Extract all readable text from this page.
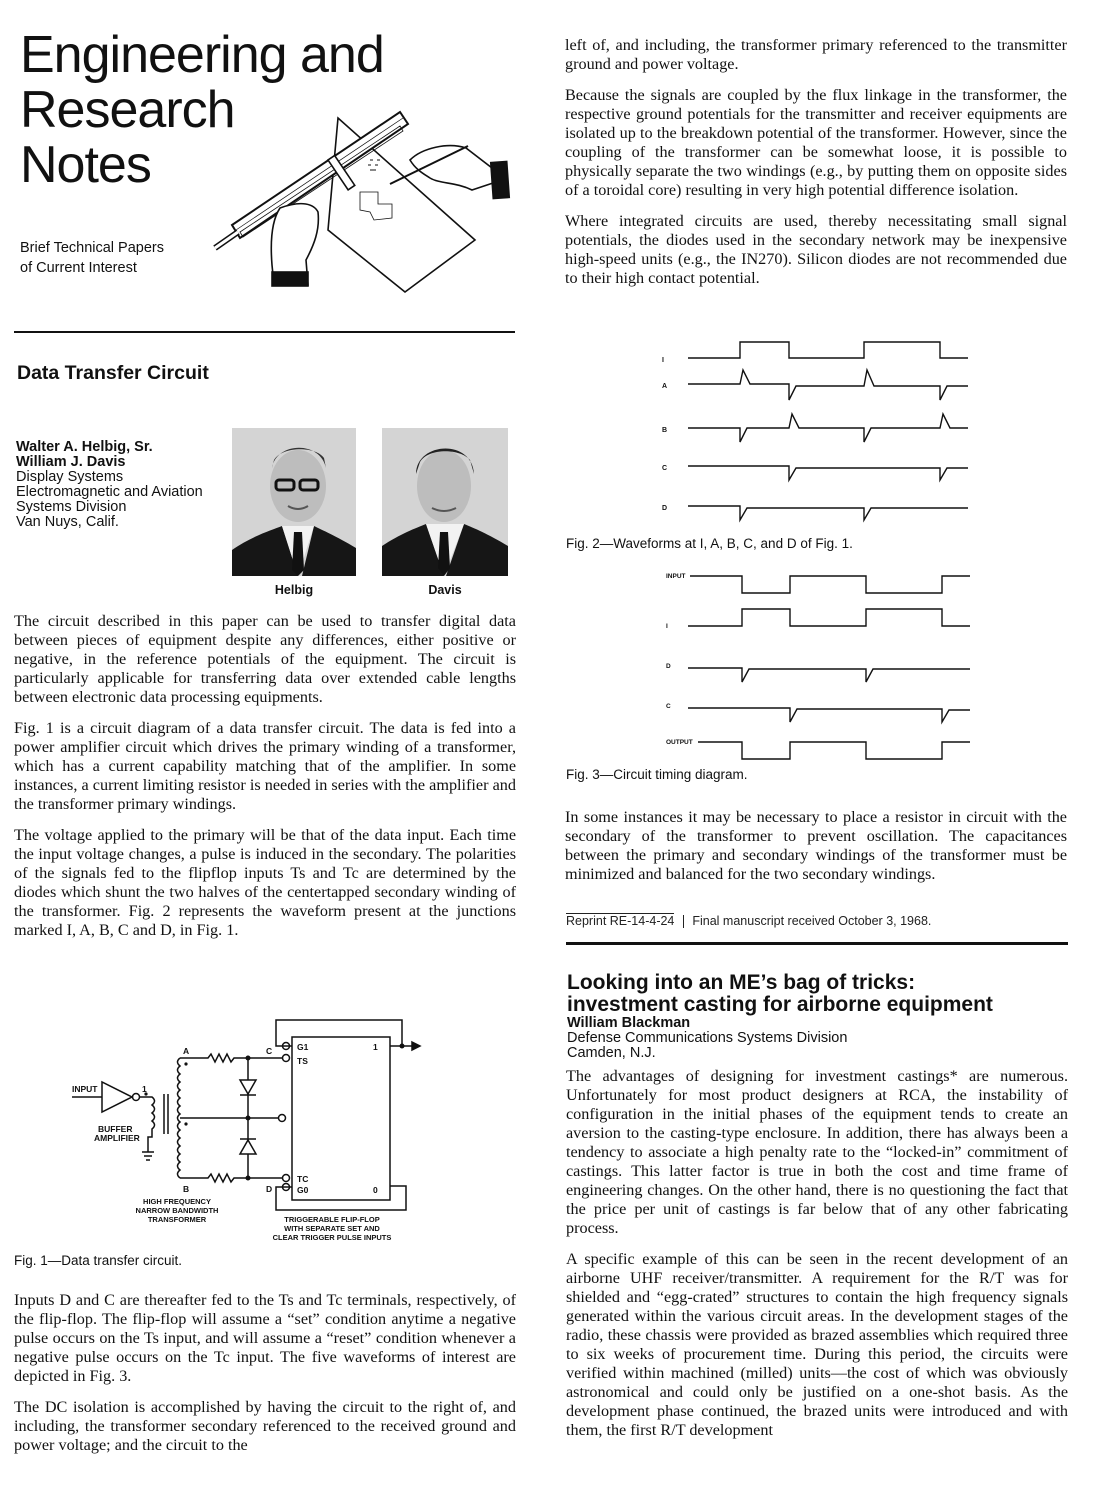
Engineering and
Research
Notes
Brief Technical Papers
of Current Interest
Data Transfer Circuit
Walter A. Helbig, Sr.
William J. Davis
Display Systems
Electromagnetic and Aviation
Systems Division
Van Nuys, Calif.
Helbig	Davis

The circuit described in this paper can be used to transfer digital data between pieces of equipment despite any differences, either positive or negative, in the reference potentials of the equipment. The circuit is particularly applicable for transferring data over extended cable lengths between electronic data processing equipments.

Fig. 1 is a circuit diagram of a data transfer circuit. The data is fed into a power amplifier circuit which drives the primary winding of a transformer, which has a current capability matching that of the amplifier. In some instances, a current limiting resistor is needed in series with the amplifier and the transformer primary windings.

The voltage applied to the primary will be that of the data input. Each time the input voltage changes, a pulse is induced in the secondary. The polarities of the signals fed to the flipflop inputs Ts and Tc are determined by the diodes which shunt the two halves of the centertapped secondary winding of the transformer. Fig. 2 represents the waveform present at the junctions marked I, A, B, C and D, in Fig. 1.

INPUT	1
BUFFER
AMPLIFIER
A
B
C
D
G1
TS
TC
G0
1
0
HIGH FREQUENCY
NARROW BANDWIDTH
TRANSFORMER	TRIGGERABLE FLIP-FLOP
WITH SEPARATE SET AND
CLEAR TRIGGER PULSE INPUTS
Fig. 1—Data transfer circuit.

Inputs D and C are thereafter fed to the Ts and Tc terminals, respectively, of the flip-flop. The flip-flop will assume a “set” condition anytime a negative pulse occurs on the Ts input, and will assume a “reset” condition whenever a negative pulse occurs on the Tc input. The five waveforms of interest are depicted in Fig. 3.

The DC isolation is accomplished by having the circuit to the right of, and including, the transformer secondary referenced to the received ground and power voltage; and the circuit to the

left of, and including, the transformer primary referenced to the transmitter ground and power voltage.

Because the signals are coupled by the flux linkage in the transformer, the respective ground potentials for the transmitter and receiver equipments are isolated up to the breakdown potential of the transformer. However, since the coupling of the transformer can be somewhat loose, it is possible to physically separate the two windings (e.g., by putting them on opposite sides of a toroidal core) resulting in very high potential difference isolation.

Where integrated circuits are used, thereby necessitating small signal potentials, the diodes used in the secondary network may be inexpensive high-speed units (e.g., the IN270). Silicon diodes are not recommended due to their high contact potential.

I
A
B
C
D
Fig. 2—Waveforms at I, A, B, C, and D of Fig. 1.
INPUT
I
D
C
OUTPUT
Fig. 3—Circuit timing diagram.

In some instances it may be necessary to place a resistor in circuit with the secondary of the transformer to prevent oscillation. The capacitances between the primary and secondary windings of the transformer must be minimized and balanced for the two secondary windings.

Reprint RE-14-4-24 Final manuscript received October 3, 1968.
Looking into an ME’s bag of tricks:
investment casting for airborne equipment
William Blackman
Defense Communications Systems Division
Camden, N.J.

The advantages of designing for investment castings* are numerous. Unfortunately for most product designers at RCA, the instability of configuration in the initial phases of the equipment tends to create an aversion to the casting-type enclosure. In addition, there has always been a tendency to associate a high penalty rate to the “locked-in” commitment of castings. This latter factor is true in both the cost and time frame of engineering changes. On the other hand, there is no questioning the fact that the price per unit of castings is far below that of any other fabricating process.

A specific example of this can be seen in the recent development of an airborne UHF receiver/transmitter. A requirement for the R/T was for shielded and “egg-crated” structures to contain the high frequency signals generated within the various circuit areas. In the development stages of the radio, these chassis were provided as brazed assemblies which required three to six weeks of procurement time. During this period, the circuits were verified within machined (milled) units—the cost of which was obviously astronomical and could only be justified on a one-shot basis. As the development phase continued, the brazed units were introduced and with them, the first R/T development
